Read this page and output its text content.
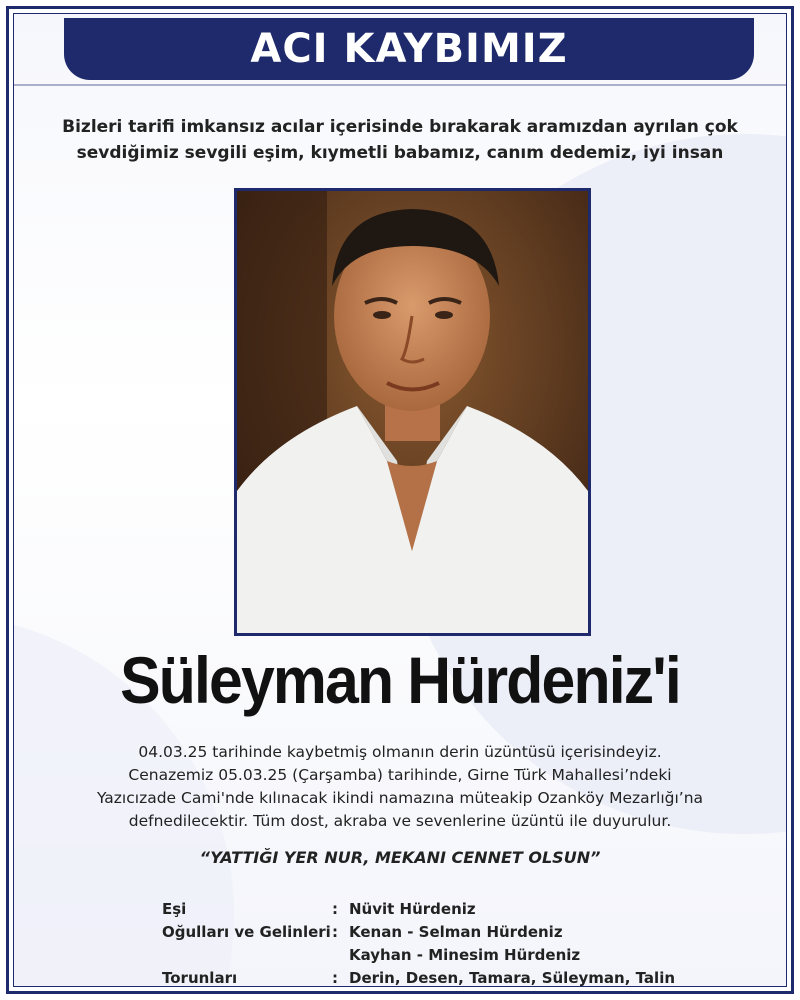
ACI KAYBIMIZ
Bizleri tarifi imkansız acılar içerisinde bırakarak aramızdan ayrılan çok
sevdiğimiz sevgili eşim, kıymetli babamız, canım dedemiz, iyi insan
Süleyman Hürdeniz'i

04.03.25 tarihinde kaybetmiş olmanın derin üzüntüsü içerisindeyiz.

Cenazemiz 05.03.25 (Çarşamba) tarihinde, Girne Türk Mahallesi’ndeki

Yazıcızade Cami'nde kılınacak ikindi namazına müteakip Ozanköy Mezarlığı’na

defnedilecektir. Tüm dost, akraba ve sevenlerine üzüntü ile duyurulur.

“YATTIĞI YER NUR, MEKANI CENNET OLSUN”
Eşi	: Nüvit Hürdeniz
Oğulları ve Gelinleri : Kenan - Selman Hürdeniz
Kayhan - Minesim Hürdeniz
Torunları	: Derin, Desen, Tamara, Süleyman, Talin
